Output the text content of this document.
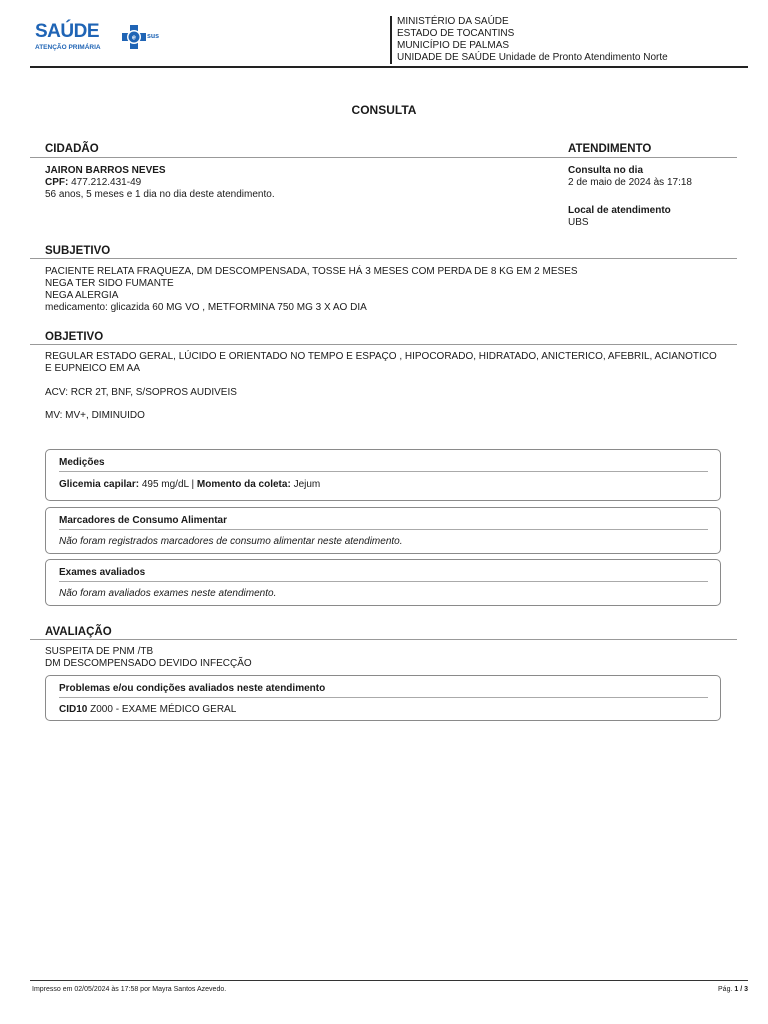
SAÚDE
ATENÇÃO PRIMÁRIA
e sus
MINISTÉRIO DA SAÚDE
ESTADO DE TOCANTINS
MUNICÍPIO DE PALMAS
UNIDADE DE SAÚDE Unidade de Pronto Atendimento Norte
CONSULTA
CIDADÃO	ATENDIMENTO

JAIRON BARROS NEVES

CPF: 477.212.431-49

56 anos, 5 meses e 1 dia no dia deste atendimento.

Consulta no dia

2 de maio de 2024 às 17:18

Local de atendimento

UBS

SUBJETIVO

PACIENTE RELATA FRAQUEZA, DM DESCOMPENSADA, TOSSE HÁ 3 MESES COM PERDA DE 8 KG EM 2 MESES

NEGA TER SIDO FUMANTE

NEGA ALERGIA

medicamento: glicazida 60 MG VO , METFORMINA 750 MG 3 X AO DIA

OBJETIVO

REGULAR ESTADO GERAL, LÚCIDO E ORIENTADO NO TEMPO E ESPAÇO , HIPOCORADO, HIDRATADO, ANICTERICO, AFEBRIL, ACIANOTICO

E EUPNEICO EM AA

ACV: RCR 2T, BNF, S/SOPROS AUDIVEIS

MV: MV+, DIMINUIDO

Medições
Glicemia capilar: 495 mg/dL | Momento da coleta: Jejum
Marcadores de Consumo Alimentar
Não foram registrados marcadores de consumo alimentar neste atendimento.
Exames avaliados
Não foram avaliados exames neste atendimento.
AVALIAÇÃO

SUSPEITA DE PNM /TB

DM DESCOMPENSADO DEVIDO INFECÇÃO

Problemas e/ou condições avaliados neste atendimento
CID10 Z000 - EXAME MÉDICO GERAL
Impresso em 02/05/2024 às 17:58 por Mayra Santos Azevedo.	Pág. 1 / 3
